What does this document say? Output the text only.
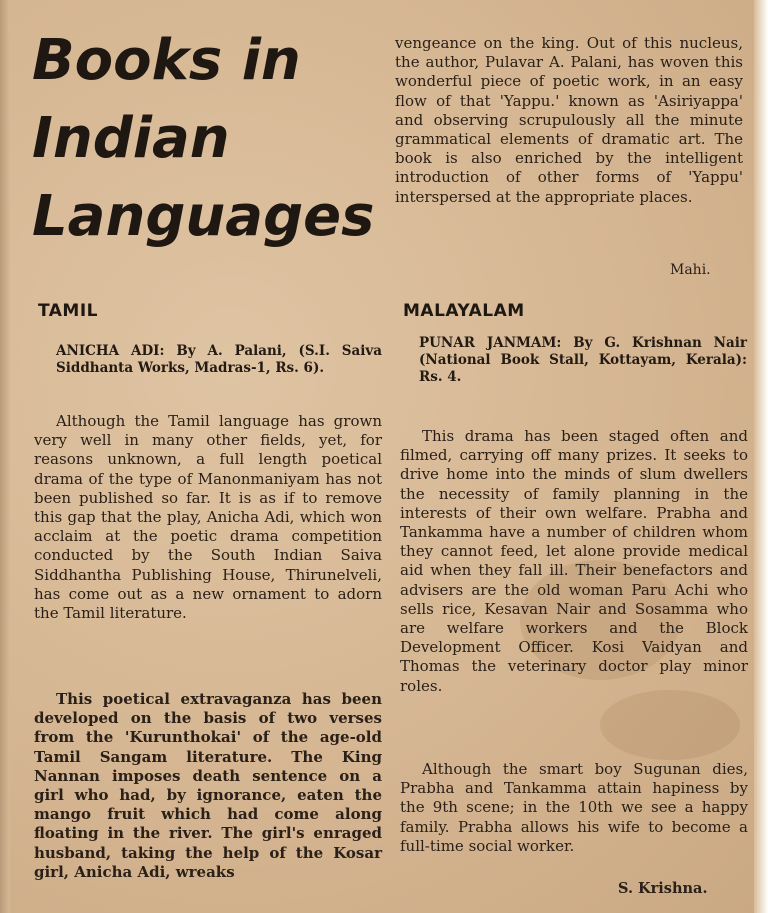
Books in
Indian
Languages

vengeance on the king. Out of this nucleus, the author, Pulavar A. Palani, has woven this wonderful piece of poetic work, in an easy flow of that 'Yappu.' known as 'Asiriyappa' and observing scrupulously all the minute grammatical elements of dramatic art. The book is also enriched by the intelligent introduction of other forms of 'Yappu' interspersed at the appropriate places.

Mahi.
TAMIL
ANICHA ADI: By A. Palani, (S.I. Saiva Siddhanta Works, Madras-1, Rs. 6).

Although the Tamil language has grown very well in many other fields, yet, for reasons unknown, a full length poetical drama of the type of Manonmaniyam has not been published so far. It is as if to remove this gap that the play, Anicha Adi, which won acclaim at the poetic drama competition conducted by the South Indian Saiva Siddhantha Publishing House, Thirunelveli, has come out as a new ornament to adorn the Tamil literature.

This poetical extravaganza has been developed on the basis of two verses from the 'Kurunthokai' of the age-old Tamil Sangam literature. The King Nannan imposes death sentence on a girl who had, by ignorance, eaten the mango fruit which had come along floating in the river. The girl's enraged husband, taking the help of the Kosar girl, Anicha Adi, wreaks

MALAYALAM
PUNAR JANMAM: By G. Krishnan Nair (National Book Stall, Kottayam, Kerala): Rs. 4.

This drama has been staged often and filmed, carrying off many prizes. It seeks to drive home into the minds of slum dwellers the necessity of family planning in the interests of their own welfare. Prabha and Tankamma have a number of children whom they cannot feed, let alone provide medical aid when they fall ill. Their benefactors and advisers are the old woman Paru Achi who sells rice, Kesavan Nair and Sosamma who are welfare workers and the Block Development Officer. Kosi Vaidyan and Thomas the veterinary doctor play minor roles.

Although the smart boy Sugunan dies, Prabha and Tankamma attain hapiness by the 9th scene; in the 10th we see a happy family. Prabha allows his wife to become a full-time social worker.

S. Krishna.
